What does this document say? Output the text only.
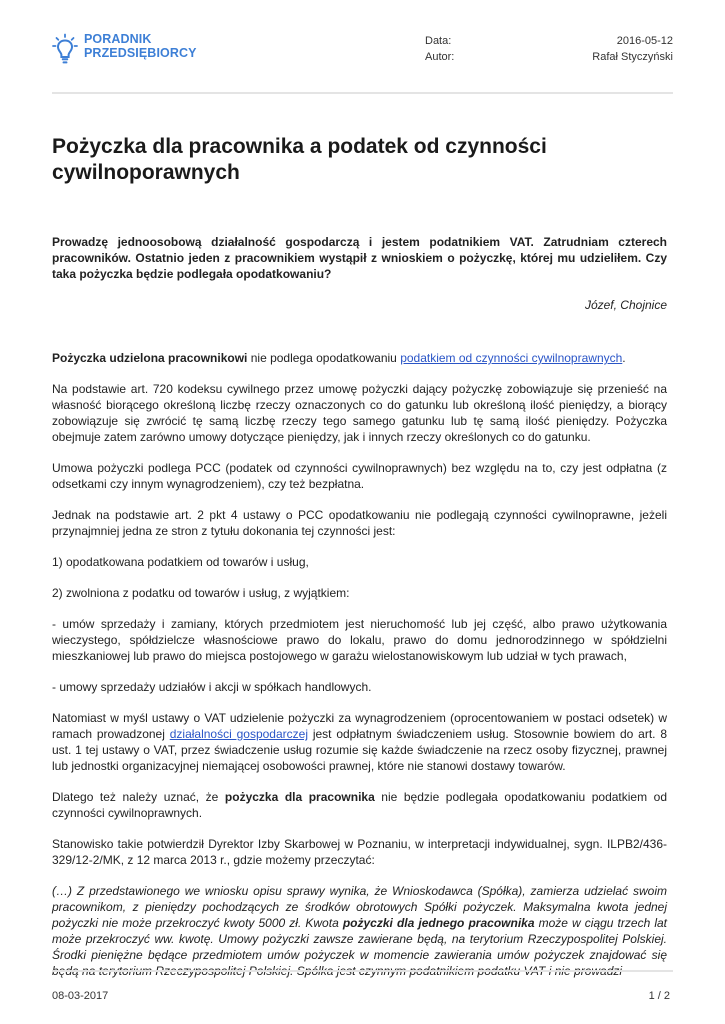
PORADNIK
PRZEDSIĘBIORCY
Data:	2016-05-12
Autor:	Rafał Styczyński
Pożyczka dla pracownika a podatek od czynności cywilnoporawnych

Prowadzę jednoosobową działalność gospodarczą i jestem podatnikiem VAT. Zatrudniam czterech pracowników. Ostatnio jeden z pracownikiem wystąpił z wnioskiem o pożyczkę, której mu udzieliłem. Czy taka pożyczka będzie podlegała opodatkowaniu?

Józef, Chojnice

Pożyczka udzielona pracownikowi nie podlega opodatkowaniu podatkiem od czynności cywilnoprawnych.

Na podstawie art. 720 kodeksu cywilnego przez umowę pożyczki dający pożyczkę zobowiązuje się przenieść na własność biorącego określoną liczbę rzeczy oznaczonych co do gatunku lub określoną ilość pieniędzy, a biorący zobowiązuje się zwrócić tę samą liczbę rzeczy tego samego gatunku lub tę samą ilość pieniędzy. Pożyczka obejmuje zatem zarówno umowy dotyczące pieniędzy, jak i innych rzeczy określonych co do gatunku.

Umowa pożyczki podlega PCC (podatek od czynności cywilnoprawnych) bez względu na to, czy jest odpłatna (z odsetkami czy innym wynagrodzeniem), czy też bezpłatna.

Jednak na podstawie art. 2 pkt 4 ustawy o PCC opodatkowaniu nie podlegają czynności cywilnoprawne, jeżeli przynajmniej jedna ze stron z tytułu dokonania tej czynności jest:

1) opodatkowana podatkiem od towarów i usług,

2) zwolniona z podatku od towarów i usług, z wyjątkiem:

- umów sprzedaży i zamiany, których przedmiotem jest nieruchomość lub jej część, albo prawo użytkowania wieczystego, spółdzielcze własnościowe prawo do lokalu, prawo do domu jednorodzinnego w spółdzielni mieszkaniowej lub prawo do miejsca postojowego w garażu wielostanowiskowym lub udział w tych prawach,

- umowy sprzedaży udziałów i akcji w spółkach handlowych.

Natomiast w myśl ustawy o VAT udzielenie pożyczki za wynagrodzeniem (oprocentowaniem w postaci odsetek) w ramach prowadzonej działalności gospodarczej jest odpłatnym świadczeniem usług. Stosownie bowiem do art. 8 ust. 1 tej ustawy o VAT, przez świadczenie usług rozumie się każde świadczenie na rzecz osoby fizycznej, prawnej lub jednostki organizacyjnej niemającej osobowości prawnej, które nie stanowi dostawy towarów.

Dlatego też należy uznać, że pożyczka dla pracownika nie będzie podlegała opodatkowaniu podatkiem od czynności cywilnoprawnych.

Stanowisko takie potwierdził Dyrektor Izby Skarbowej w Poznaniu, w interpretacji indywidualnej, sygn. ILPB2/436-329/12-2/MK, z 12 marca 2013 r., gdzie możemy przeczytać:

(…) Z przedstawionego we wniosku opisu sprawy wynika, że Wnioskodawca (Spółka), zamierza udzielać swoim pracownikom, z pieniędzy pochodzących ze środków obrotowych Spółki pożyczek. Maksymalna kwota jednej pożyczki nie może przekroczyć kwoty 5000 zł. Kwota pożyczki dla jednego pracownika może w ciągu trzech lat może przekroczyć ww. kwotę. Umowy pożyczki zawsze zawierane będą, na terytorium Rzeczypospolitej Polskiej. Środki pieniężne będące przedmiotem umów pożyczek w momencie zawierania umów pożyczek znajdować się będą na terytorium Rzeczypospolitej Polskiej. Spółka jest czynnym podatnikiem podatku VAT i nie prowadzi

08-03-2017	1 / 2
